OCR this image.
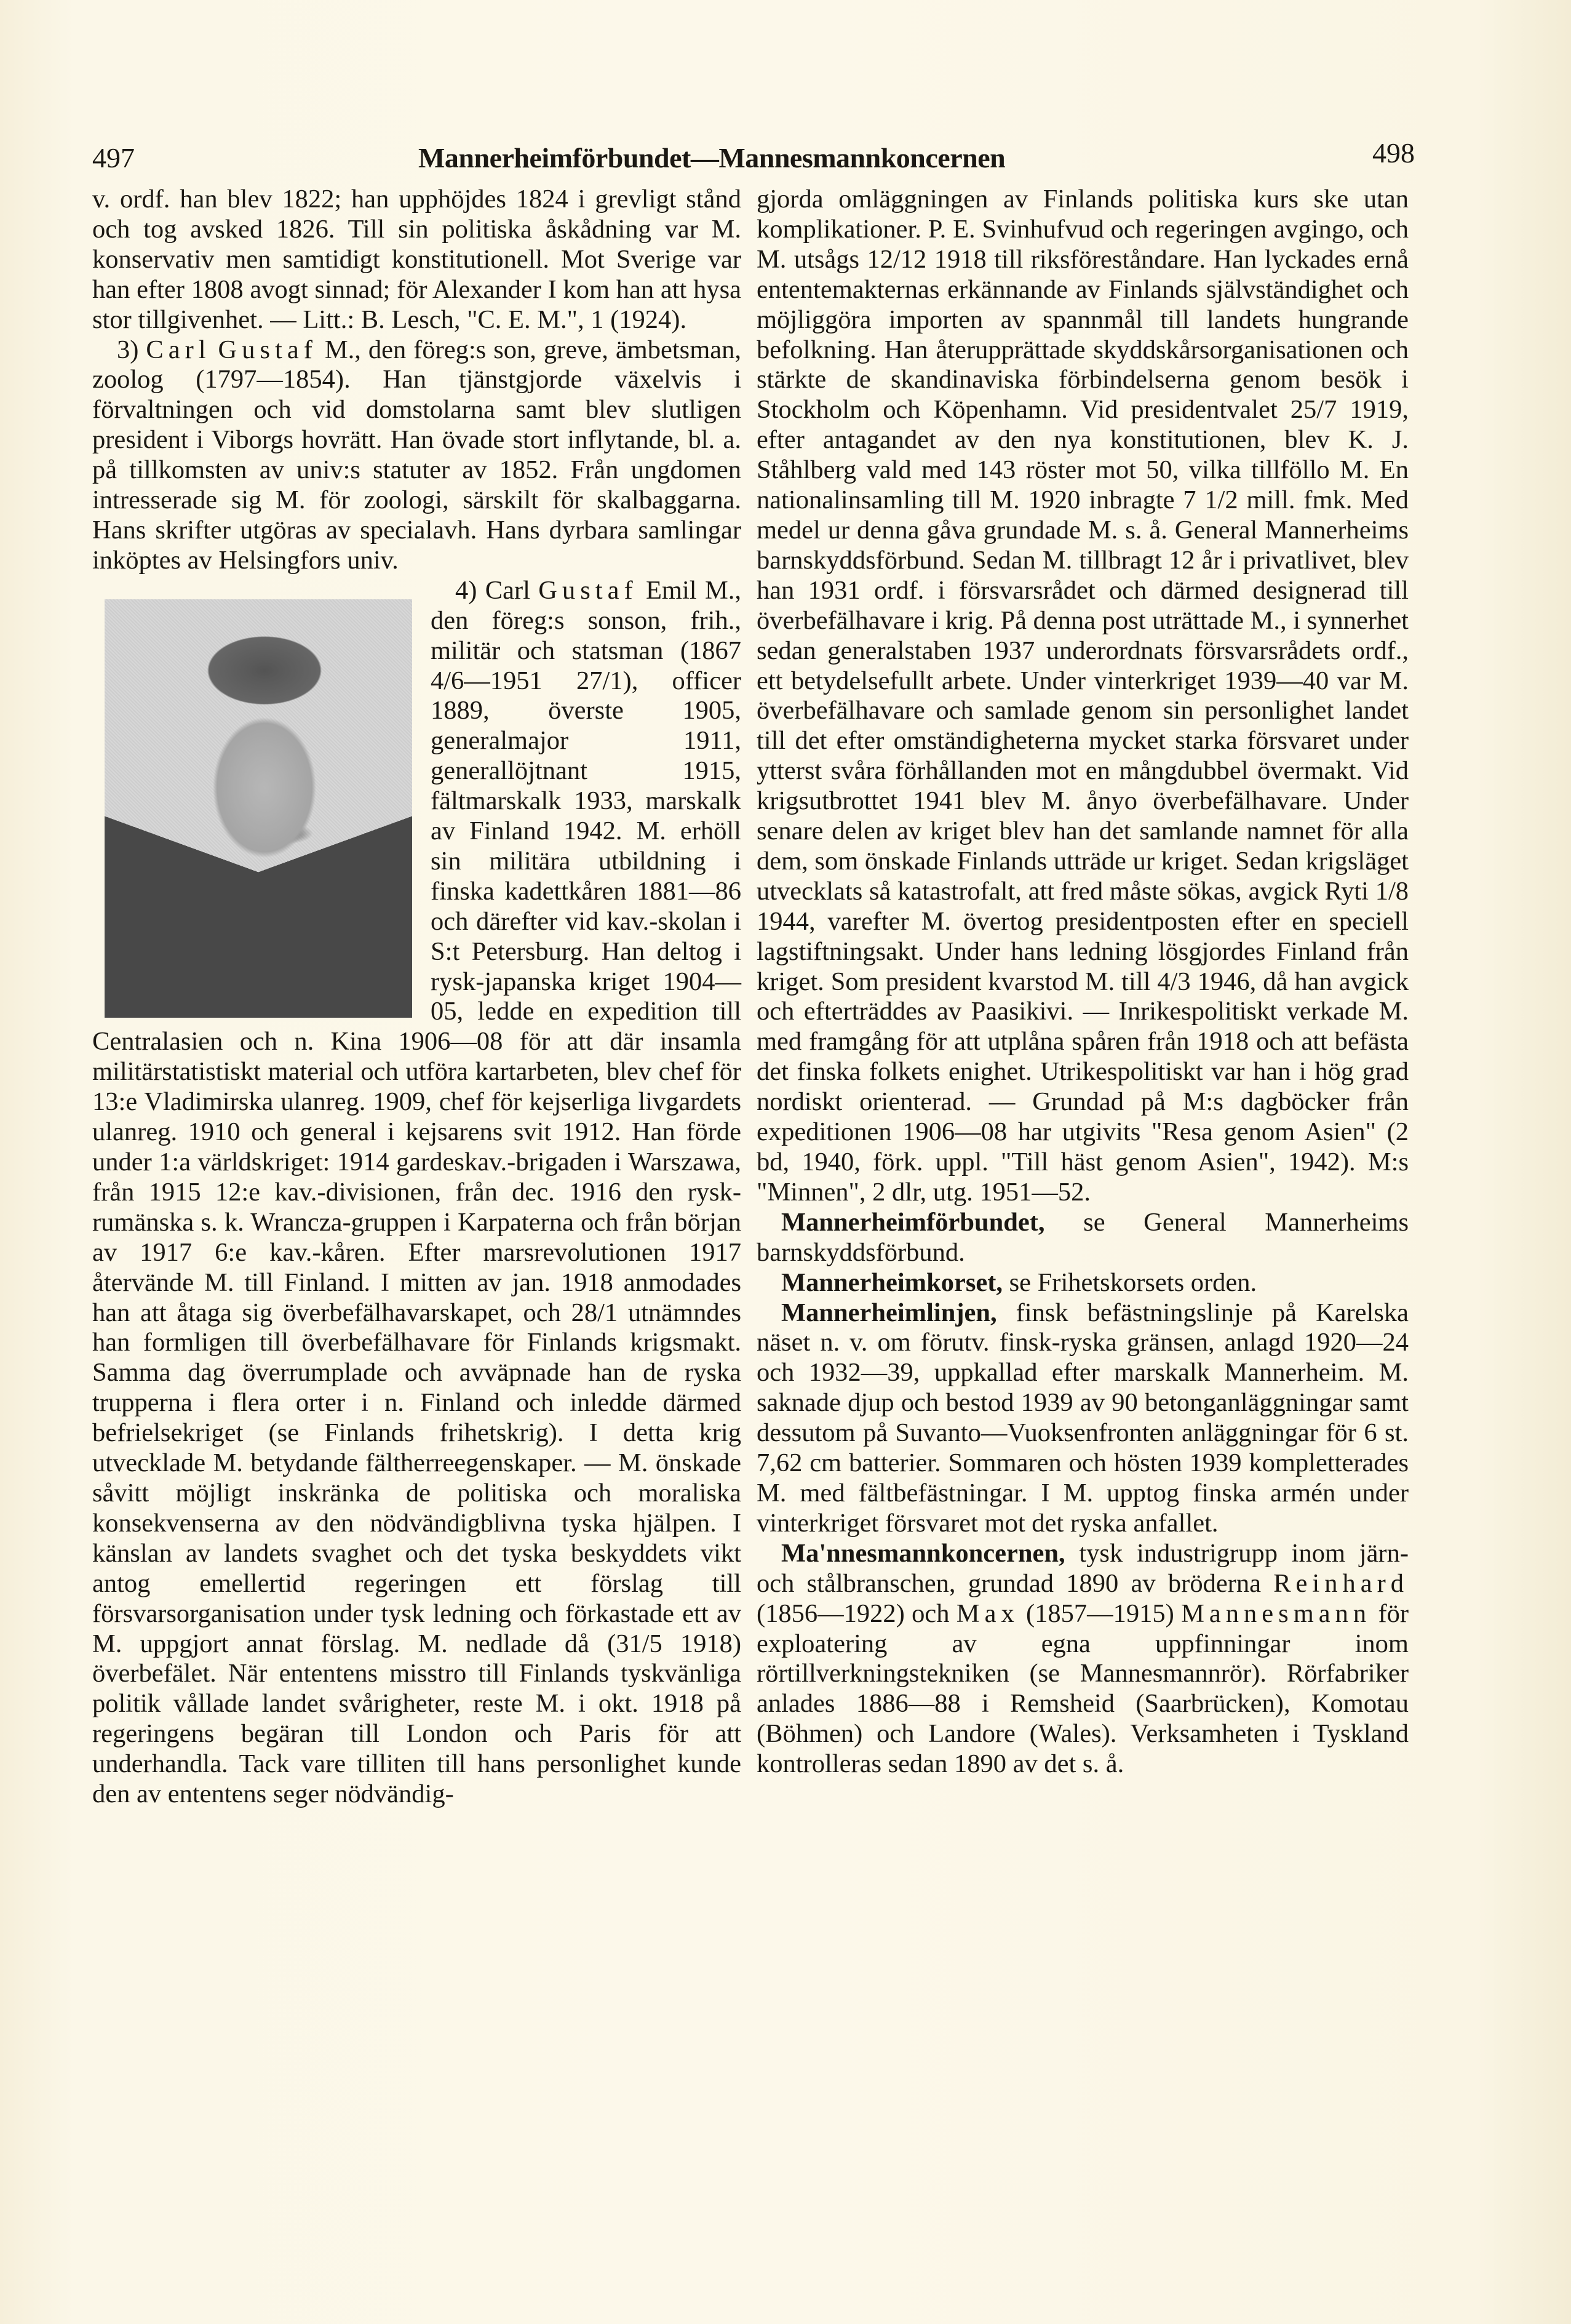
497	Mannerheimförbundet—Mannesmannkoncernen	498

v. ordf. han blev 1822; han upphöjdes 1824 i grevligt stånd och tog avsked 1826. Till sin politiska åskådning var M. konservativ men samtidigt konstitutionell. Mot Sverige var han efter 1808 avogt sinnad; för Alexander I kom han att hysa stor tillgivenhet. — Litt.: B. Lesch, "C. E. M.", 1 (1924).

3) Carl Gustaf M., den föreg:s son, greve, ämbetsman, zoolog (1797—1854). Han tjänstgjorde växelvis i förvaltningen och vid domstolarna samt blev slutligen president i Viborgs hovrätt. Han övade stort inflytande, bl. a. på tillkomsten av univ:s statuter av 1852. Från ungdomen intresserade sig M. för zoologi, särskilt för skalbaggarna. Hans skrifter utgöras av specialavh. Hans dyrbara samlingar inköptes av Helsingfors univ.

4) Carl Gustaf Emil M., den föreg:s sonson, frih., militär och statsman (1867 4/6—1951 27/1), officer 1889, överste 1905, generalmajor 1911, generallöjtnant 1915, fältmarskalk 1933, marskalk av Finland 1942. M. erhöll sin militära utbildning i finska kadettkåren 1881—86 och därefter vid kav.-skolan i S:t Petersburg. Han deltog i rysk-japanska kriget 1904—05, ledde en expedition till Centralasien och n. Kina 1906—08 för att där insamla militärstatistiskt material och utföra kartarbeten, blev chef för 13:e Vladimirska ulanreg. 1909, chef för kejserliga livgardets ulanreg. 1910 och general i kejsarens svit 1912. Han förde under 1:a världskriget: 1914 gardeskav.-brigaden i Warszawa, från 1915 12:e kav.-divisionen, från dec. 1916 den rysk-rumänska s. k. Wrancza-gruppen i Karpaterna och från början av 1917 6:e kav.-kåren. Efter marsrevolutionen 1917 återvände M. till Finland. I mitten av jan. 1918 anmodades han att åtaga sig överbefälhavarskapet, och 28/1 utnämndes han formligen till överbefälhavare för Finlands krigsmakt. Samma dag överrumplade och avväpnade han de ryska trupperna i flera orter i n. Finland och inledde därmed befrielsekriget (se Finlands frihetskrig). I detta krig utvecklade M. betydande fältherreegenskaper. — M. önskade såvitt möjligt inskränka de politiska och moraliska konsekvenserna av den nödvändigblivna tyska hjälpen. I känslan av landets svaghet och det tyska beskyddets vikt antog emellertid regeringen ett förslag till försvarsorganisation under tysk ledning och förkastade ett av M. uppgjort annat förslag. M. nedlade då (31/5 1918) överbefälet. När ententens misstro till Finlands tyskvänliga politik vållade landet svårigheter, reste M. i okt. 1918 på regeringens begäran till London och Paris för att underhandla. Tack vare tilliten till hans personlighet kunde den av ententens seger nödvändig-

gjorda omläggningen av Finlands politiska kurs ske utan komplikationer. P. E. Svinhufvud och regeringen avgingo, och M. utsågs 12/12 1918 till riksföreståndare. Han lyckades ernå ententemakternas erkännande av Finlands självständighet och möjliggöra importen av spannmål till landets hungrande befolkning. Han återupprättade skyddskårsorganisationen och stärkte de skandinaviska förbindelserna genom besök i Stockholm och Köpenhamn. Vid presidentvalet 25/7 1919, efter antagandet av den nya konstitutionen, blev K. J. Ståhlberg vald med 143 röster mot 50, vilka tillföllo M. En nationalinsamling till M. 1920 inbragte 7 1/2 mill. fmk. Med medel ur denna gåva grundade M. s. å. General Mannerheims barnskyddsförbund. Sedan M. tillbragt 12 år i privatlivet, blev han 1931 ordf. i försvarsrådet och därmed designerad till överbefälhavare i krig. På denna post uträttade M., i synnerhet sedan generalstaben 1937 underordnats försvarsrådets ordf., ett betydelsefullt arbete. Under vinterkriget 1939—40 var M. överbefälhavare och samlade genom sin personlighet landet till det efter omständigheterna mycket starka försvaret under ytterst svåra förhållanden mot en mångdubbel övermakt. Vid krigsutbrottet 1941 blev M. ånyo överbefälhavare. Under senare delen av kriget blev han det samlande namnet för alla dem, som önskade Finlands utträde ur kriget. Sedan krigsläget utvecklats så katastrofalt, att fred måste sökas, avgick Ryti 1/8 1944, varefter M. övertog presidentposten efter en speciell lagstiftningsakt. Under hans ledning lösgjordes Finland från kriget. Som president kvarstod M. till 4/3 1946, då han avgick och efterträddes av Paasikivi. — Inrikespolitiskt verkade M. med framgång för att utplåna spåren från 1918 och att befästa det finska folkets enighet. Utrikespolitiskt var han i hög grad nordiskt orienterad. — Grundad på M:s dagböcker från expeditionen 1906—08 har utgivits "Resa genom Asien" (2 bd, 1940, förk. uppl. "Till häst genom Asien", 1942). M:s "Minnen", 2 dlr, utg. 1951—52.

Mannerheimförbundet, se General Mannerheims barnskyddsförbund.

Mannerheimkorset, se Frihetskorsets orden.

Mannerheimlinjen, finsk befästningslinje på Karelska näset n. v. om förutv. finsk-ryska gränsen, anlagd 1920—24 och 1932—39, uppkallad efter marskalk Mannerheim. M. saknade djup och bestod 1939 av 90 betonganläggningar samt dessutom på Suvanto—Vuoksenfronten anläggningar för 6 st. 7,62 cm batterier. Sommaren och hösten 1939 kompletterades M. med fältbefästningar. I M. upptog finska armén under vinterkriget försvaret mot det ryska anfallet.

Ma'nnesmannkoncernen, tysk industrigrupp inom järn- och stålbranschen, grundad 1890 av bröderna Reinhard (1856—1922) och Max (1857—1915) Mannesmann för exploatering av egna uppfinningar inom rörtillverkningstekniken (se Mannesmannrör). Rörfabriker anlades 1886—88 i Remsheid (Saarbrücken), Komotau (Böhmen) och Landore (Wales). Verksamheten i Tyskland kontrolleras sedan 1890 av det s. å.
